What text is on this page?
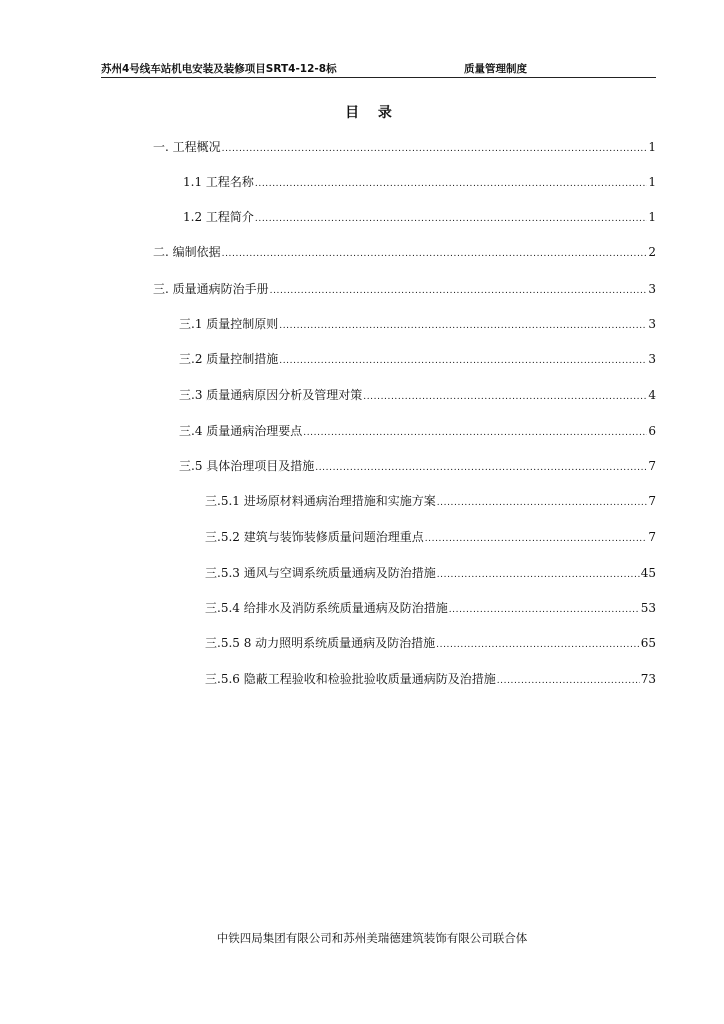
苏州4号线车站机电安装及装修项目SRT4-12-8标	质量管理制度
目 录
一. 工程概况 .....	1
1.1 工程名称 .....	1
1.2 工程简介 .....	1
二. 编制依据 .....	2
三. 质量通病防治手册 .....	3
三.1 质量控制原则 .....	3
三.2 质量控制措施 .....	3
三.3 质量通病原因分析及管理对策 .....	4
三.4 质量通病治理要点 .....	6
三.5 具体治理项目及措施 .....	7
三.5.1 进场原材料通病治理措施和实施方案 .....	7
三.5.2 建筑与装饰装修质量问题治理重点 .....	7
三.5.3 通风与空调系统质量通病及防治措施 .....	45
三.5.4 给排水及消防系统质量通病及防治措施 .....	53
三.5.5 8 动力照明系统质量通病及防治措施 .....	65
三.5.6 隐蔽工程验收和检验批验收质量通病防及治措施 .....	73
中铁四局集团有限公司和苏州美瑞德建筑装饰有限公司联合体
